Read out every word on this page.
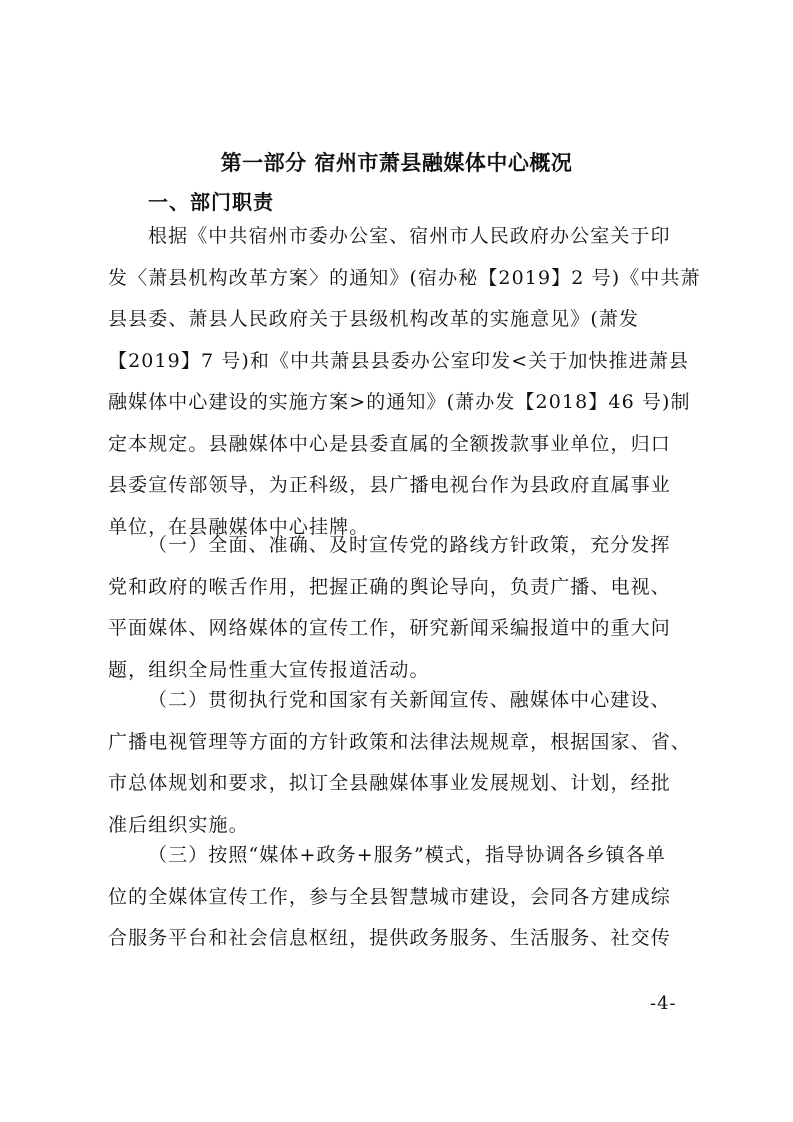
第一部分 宿州市萧县融媒体中心概况
一、部门职责
根据《中共宿州市委办公室、宿州市人民政府办公室关于印
发〈萧县机构改革方案〉的通知》(宿办秘【2019】2 号)《中共萧
县县委、萧县人民政府关于县级机构改革的实施意见》(萧发
【2019】7 号)和《中共萧县县委办公室印发<关于加快推进萧县
融媒体中心建设的实施方案>的通知》(萧办发【2018】46 号)制
定本规定。县融媒体中心是县委直属的全额拨款事业单位，归口
县委宣传部领导，为正科级，县广播电视台作为县政府直属事业
单位，在县融媒体中心挂牌。
（一）全面、准确、及时宣传党的路线方针政策，充分发挥
党和政府的喉舌作用，把握正确的舆论导向，负责广播、电视、
平面媒体、网络媒体的宣传工作，研究新闻采编报道中的重大问
题，组织全局性重大宣传报道活动。
（二）贯彻执行党和国家有关新闻宣传、融媒体中心建设、
广播电视管理等方面的方针政策和法律法规规章，根据国家、省、
市总体规划和要求，拟订全县融媒体事业发展规划、计划，经批
准后组织实施。
（三）按照“媒体+政务+服务”模式，指导协调各乡镇各单
位的全媒体宣传工作，参与全县智慧城市建设，会同各方建成综
合服务平台和社会信息枢纽，提供政务服务、生活服务、社交传
-4-
